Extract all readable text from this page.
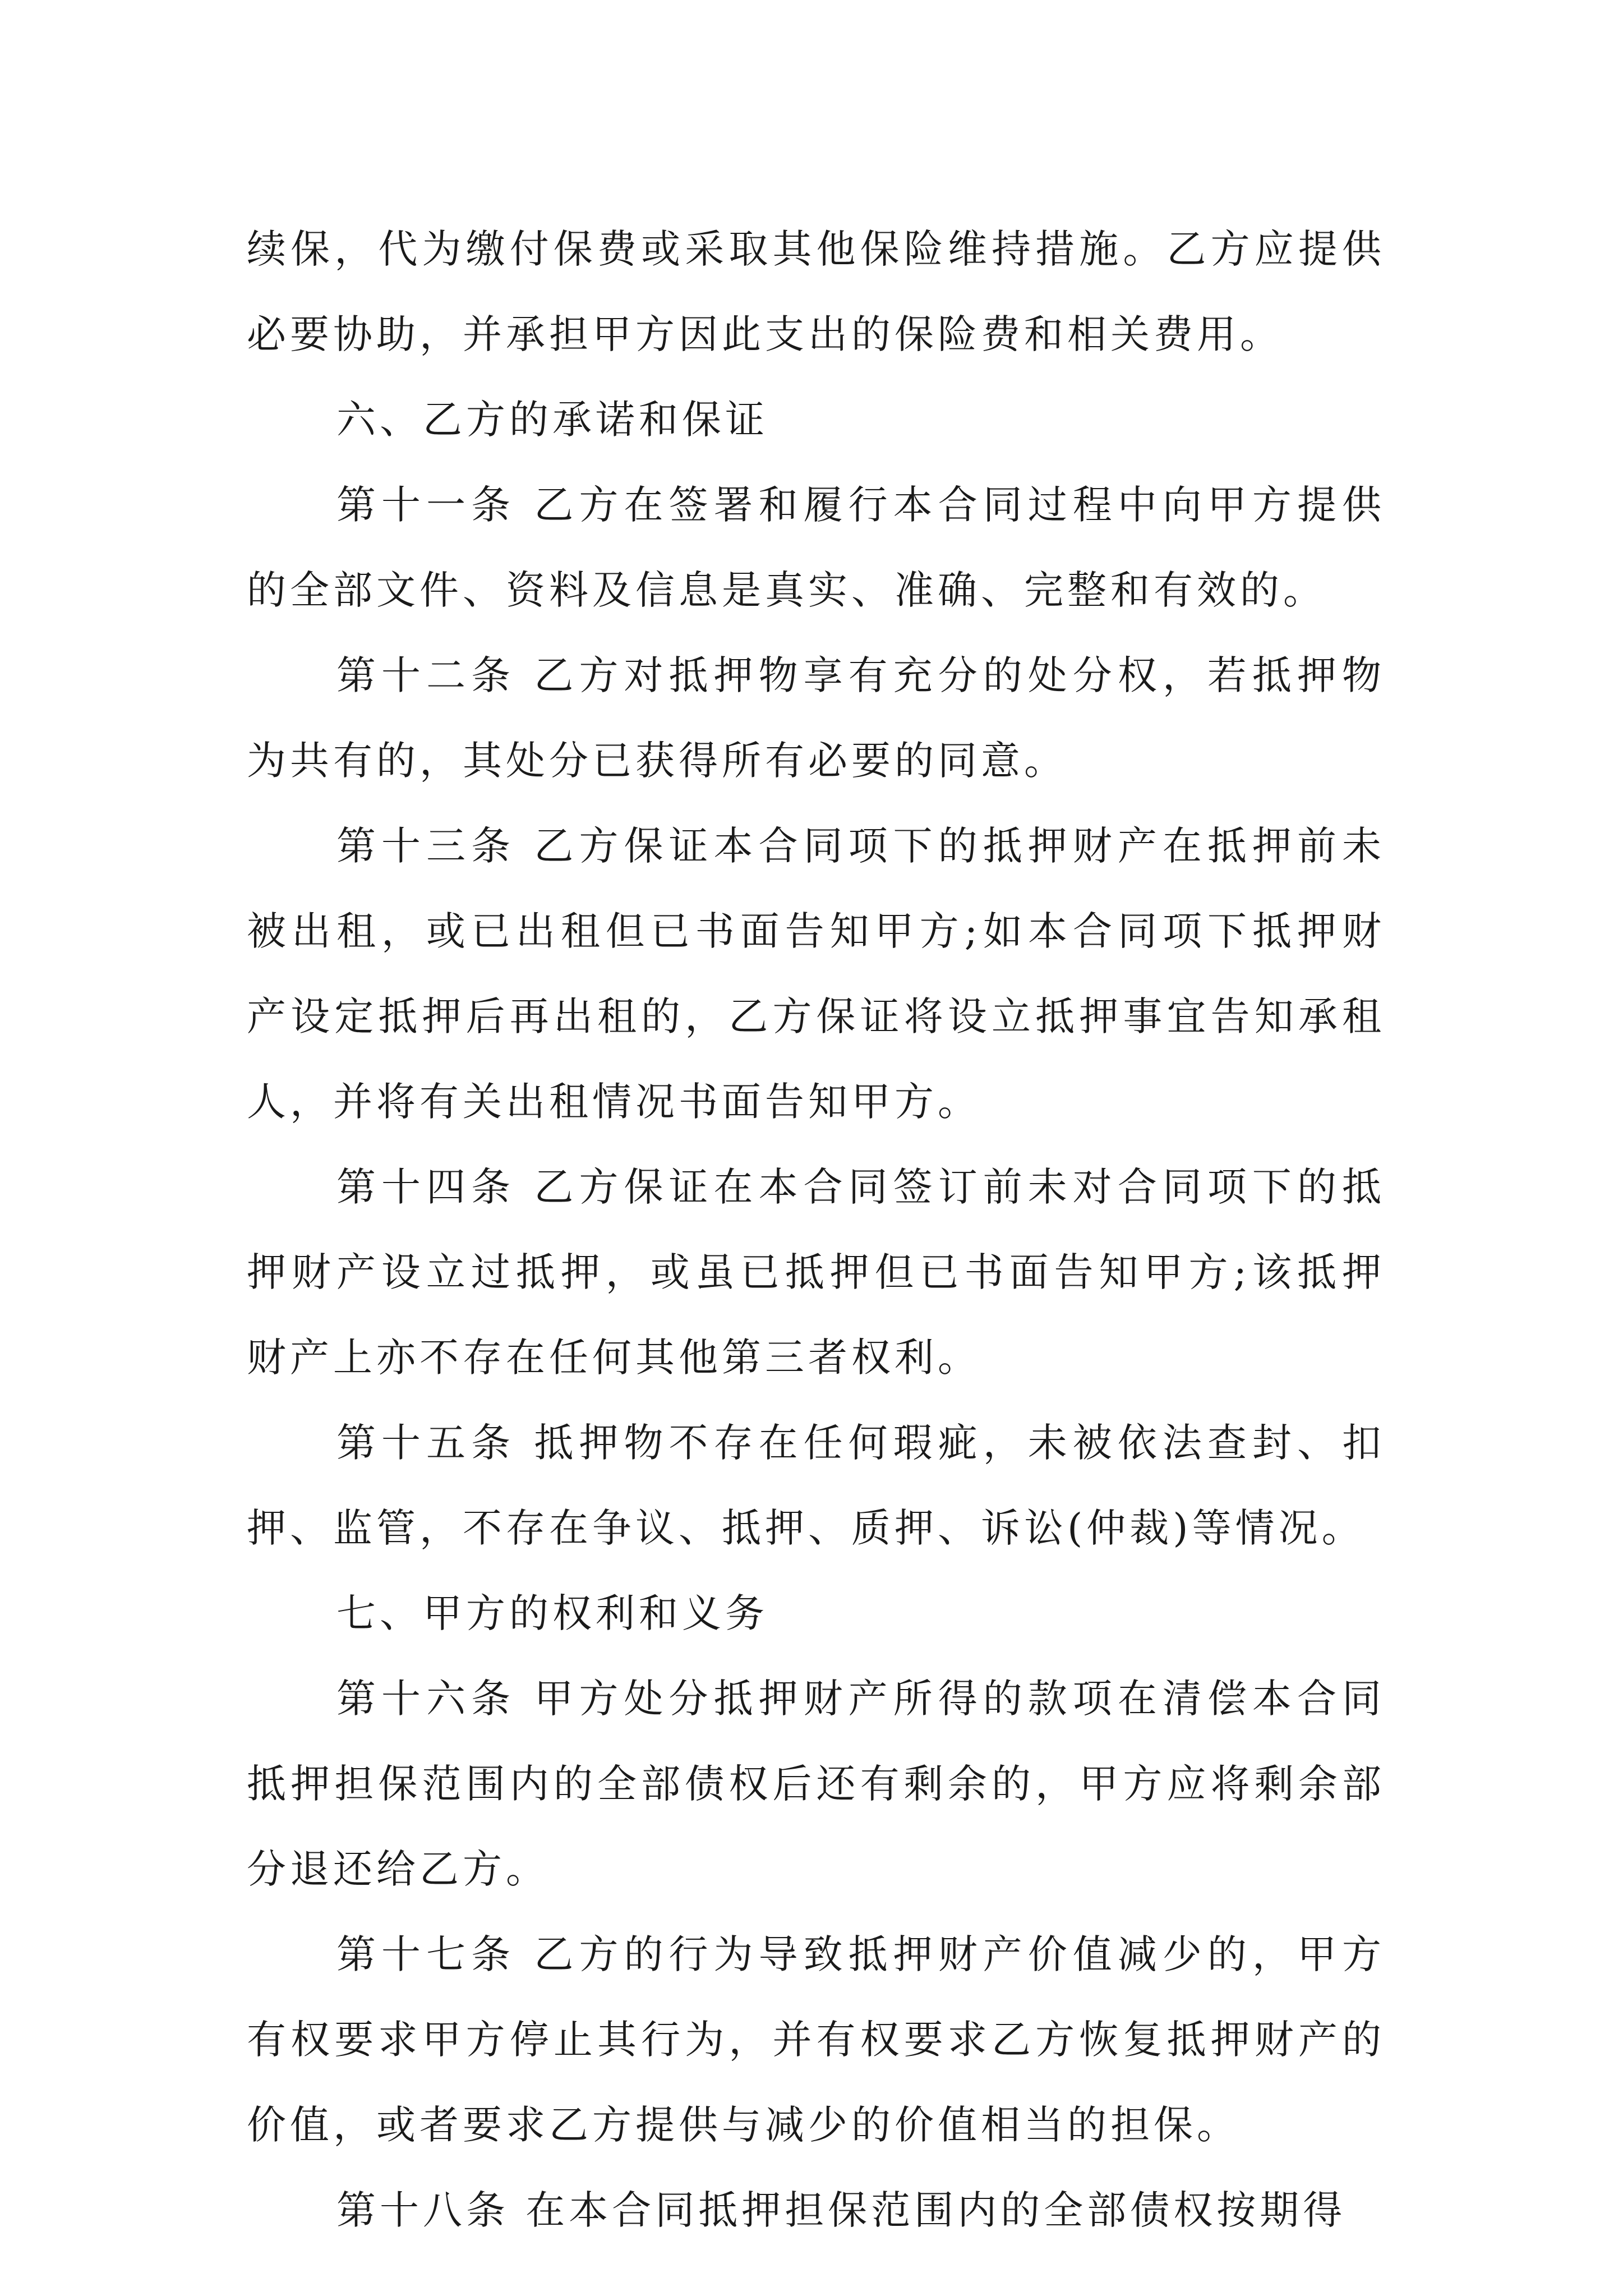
续保，代为缴付保费或采取其他保险维持措施。乙方应提供必要协助，并承担甲方因此支出的保险费和相关费用。

六、乙方的承诺和保证

第十一条 乙方在签署和履行本合同过程中向甲方提供的全部文件、资料及信息是真实、准确、完整和有效的。

第十二条 乙方对抵押物享有充分的处分权，若抵押物为共有的，其处分已获得所有必要的同意。

第十三条 乙方保证本合同项下的抵押财产在抵押前未被出租，或已出租但已书面告知甲方;如本合同项下抵押财产设定抵押后再出租的，乙方保证将设立抵押事宜告知承租人，并将有关出租情况书面告知甲方。

第十四条 乙方保证在本合同签订前未对合同项下的抵押财产设立过抵押，或虽已抵押但已书面告知甲方;该抵押财产上亦不存在任何其他第三者权利。

第十五条 抵押物不存在任何瑕疵，未被依法查封、扣押、监管，不存在争议、抵押、质押、诉讼(仲裁)等情况。

七、甲方的权利和义务

第十六条 甲方处分抵押财产所得的款项在清偿本合同抵押担保范围内的全部债权后还有剩余的，甲方应将剩余部分退还给乙方。

第十七条 乙方的行为导致抵押财产价值减少的，甲方有权要求甲方停止其行为，并有权要求乙方恢复抵押财产的价值，或者要求乙方提供与减少的价值相当的担保。

第十八条 在本合同抵押担保范围内的全部债权按期得
